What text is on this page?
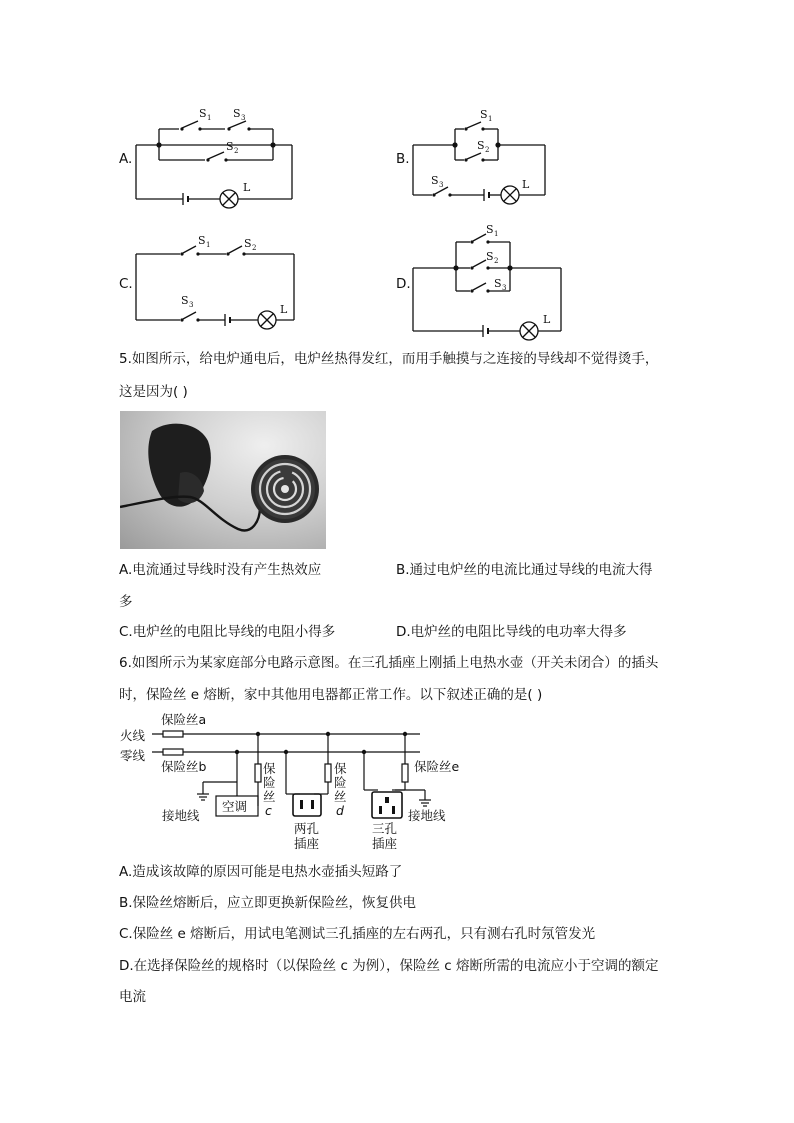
A.
S 1 S 3
S 2
L
B.
S 1
S 2
S 3	L
C.
S 1	S 2
S 3	L
D.
S 1
S 2
S 3
L
5.如图所示，给电炉通电后，电炉丝热得发红，而用手触摸与之连接的导线却不觉得烫手，
这是因为( )
A.电流通过导线时没有产生热效应	B.通过电炉丝的电流比通过导线的电流大得
多
C.电炉丝的电阻比导线的电阻小得多	D.电炉丝的电阻比导线的电功率大得多
6.如图所示为某家庭部分电路示意图。在三孔插座上刚插上电热水壶（开关未闭合）的插头
时，保险丝 e 熔断，家中其他用电器都正常工作。以下叙述正确的是( )
火线
零线
保险丝a
保险丝b	保险丝e
保
险
丝
c
保
险
丝
d
空调
接地线	接地线
两孔
插座
三孔
插座
A.造成该故障的原因可能是电热水壶插头短路了
B.保险丝熔断后，应立即更换新保险丝，恢复供电
C.保险丝 e 熔断后，用试电笔测试三孔插座的左右两孔，只有测右孔时氖管发光
D.在选择保险丝的规格时（以保险丝 c 为例），保险丝 c 熔断所需的电流应小于空调的额定
电流
